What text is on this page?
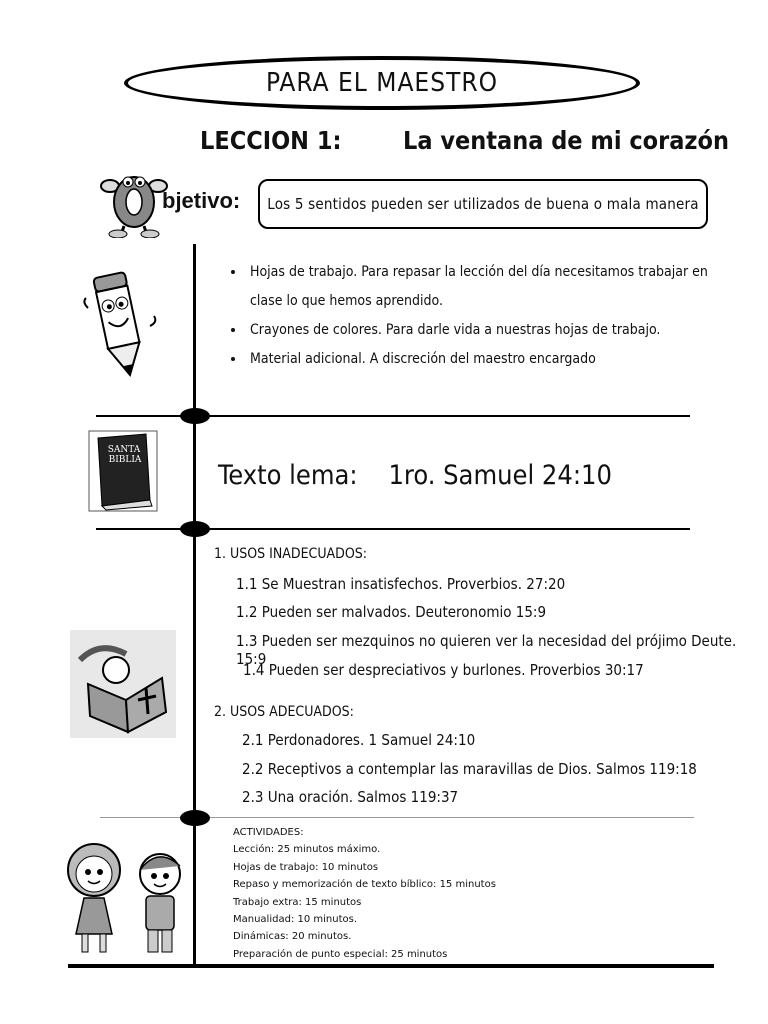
PARA EL MAESTRO
LECCION 1: La ventana de mi corazón
bjetivo: Los 5 sentidos pueden ser utilizados de buena o mala manera
• Hojas de trabajo. Para repasar la lección del día necesitamos trabajar en clase lo que hemos aprendido.
• Crayones de colores. Para darle vida a nuestras hojas de trabajo.
• Material adicional. A discreción del maestro encargado
SANTA
BIBLIA	Texto lema: 1ro. Samuel 24:10
1. USOS INADECUADOS:
1.1 Se Muestran insatisfechos. Proverbios. 27:20
1.2 Pueden ser malvados. Deuteronomio 15:9
1.3 Pueden ser mezquinos no quieren ver la necesidad del prójimo Deute. 15:9
1.4 Pueden ser despreciativos y burlones. Proverbios 30:17
2. USOS ADECUADOS:
2.1 Perdonadores. 1 Samuel 24:10
2.2 Receptivos a contemplar las maravillas de Dios. Salmos 119:18
2.3 Una oración. Salmos 119:37
ACTIVIDADES:
Lección: 25 minutos máximo.
Hojas de trabajo: 10 minutos
Repaso y memorización de texto bíblico: 15 minutos
Trabajo extra: 15 minutos
Manualidad: 10 minutos.
Dinámicas: 20 minutos.
Preparación de punto especial: 25 minutos
